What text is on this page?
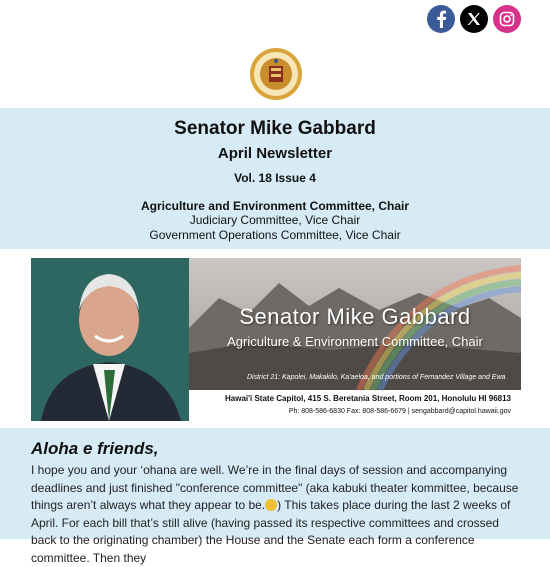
Senator Mike Gabbard
April Newsletter
Vol. 18 Issue 4
Agriculture and Environment Committee, Chair
Judiciary Committee, Vice Chair
Government Operations Committee, Vice Chair
Senator Mike Gabbard
Agriculture & Environment Committee, Chair
District 21: Kapolei, Makakilo, Ka'aeloa, and portions of Fernandez Village and Ewa
Hawai'i State Capitol, 415 S. Beretania Street, Room 201, Honolulu HI 96813
Ph: 808-586-6830 Fax: 808-586-6679 | sengabbard@capitol.hawaii.gov
Aloha e friends,
I hope you and your ‘ohana are well. We’re in the final days of session and accompanying deadlines and just finished "conference committee" (aka kabuki theater kommittee, because things aren’t always what they appear to be. ) This takes place during the last 2 weeks of April. For each bill that’s still alive (having passed its respective committees and crossed back to the originating chamber) the House and the Senate each form a conference committee. Then they
